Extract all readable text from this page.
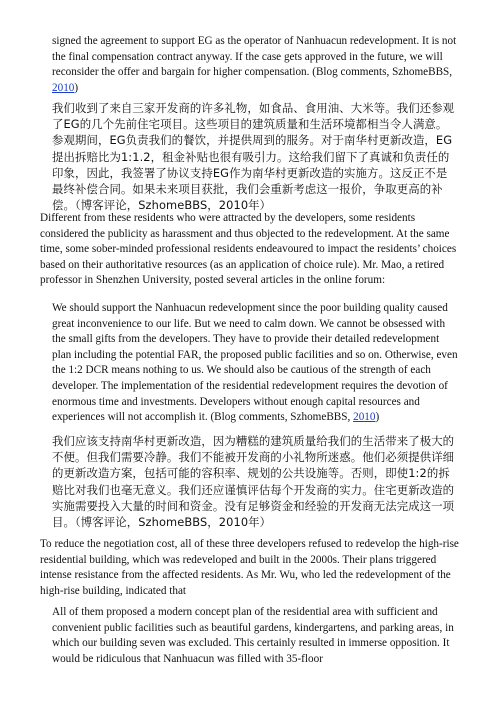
signed the agreement to support EG as the operator of Nanhuacun redevelopment. It is not the final compensation contract anyway. If the case gets approved in the future, we will reconsider the offer and bargain for higher compensation. (Blog comments, SzhomeBBS, 2010)

我们收到了来自三家开发商的许多礼物，如食品、食用油、大米等。我们还参观了EG的几个先前住宅项目。这些项目的建筑质量和生活环境都相当令人满意。参观期间，EG负责我们的餐饮，并提供周到的服务。对于南华村更新改造，EG提出拆赔比为1:1.2，租金补贴也很有吸引力。这给我们留下了真诚和负责任的印象，因此，我签署了协议支持EG作为南华村更新改造的实施方。这反正不是最终补偿合同。如果未来项目获批，我们会重新考虑这一报价，争取更高的补偿。（博客评论，SzhomeBBS，2010年）

Different from these residents who were attracted by the developers, some residents considered the publicity as harassment and thus objected to the redevelopment. At the same time, some sober-minded professional residents endeavoured to impact the residents’ choices based on their authoritative resources (as an application of choice rule). Mr. Mao, a retired professor in Shenzhen University, posted several articles in the online forum:

We should support the Nanhuacun redevelopment since the poor building quality caused great inconvenience to our life. But we need to calm down. We cannot be obsessed with the small gifts from the developers. They have to provide their detailed redevelopment plan including the potential FAR, the proposed public facilities and so on. Otherwise, even the 1:2 DCR means nothing to us. We should also be cautious of the strength of each developer. The implementation of the residential redevelopment requires the devotion of enormous time and investments. Developers without enough capital resources and experiences will not accomplish it. (Blog comments, SzhomeBBS, 2010)

我们应该支持南华村更新改造，因为糟糕的建筑质量给我们的生活带来了极大的不便。但我们需要冷静。我们不能被开发商的小礼物所迷惑。他们必须提供详细的更新改造方案，包括可能的容积率、规划的公共设施等。否则，即使1:2的拆赔比对我们也毫无意义。我们还应谨慎评估每个开发商的实力。住宅更新改造的实施需要投入大量的时间和资金。没有足够资金和经验的开发商无法完成这一项目。（博客评论，SzhomeBBS，2010年）

To reduce the negotiation cost, all of these three developers refused to redevelop the high-rise residential building, which was redeveloped and built in the 2000s. Their plans triggered intense resistance from the affected residents. As Mr. Wu, who led the redevelopment of the high-rise building, indicated that

All of them proposed a modern concept plan of the residential area with sufficient and convenient public facilities such as beautiful gardens, kindergartens, and parking areas, in which our building seven was excluded. This certainly resulted in immerse opposition. It would be ridiculous that Nanhuacun was filled with 35-floor
